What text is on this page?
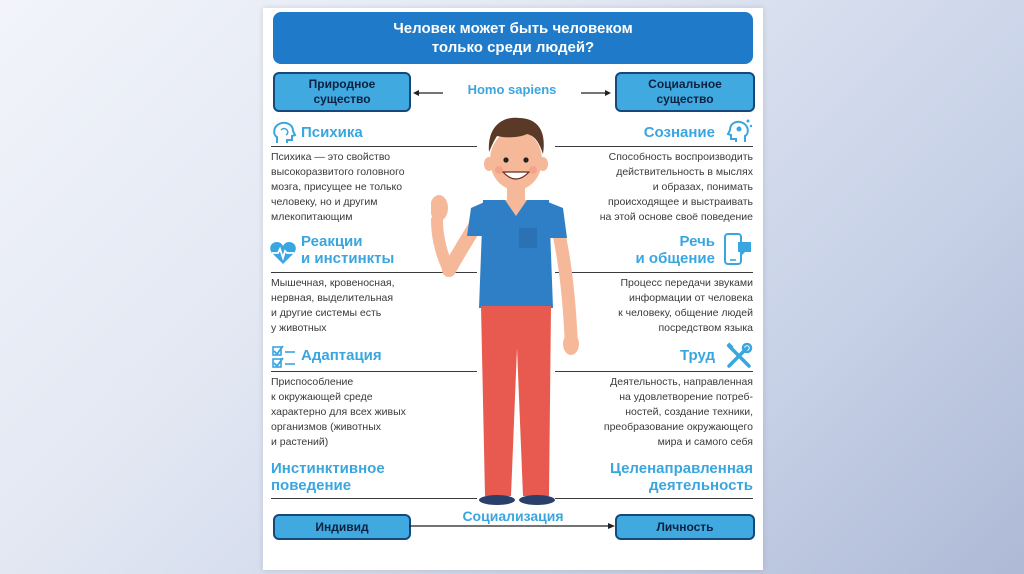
Человек может быть человеком
только среди людей?
Природное
существо
Homo sapiens	Социальное
существо
Психика
Психика — это свойство
высокоразвитого головного
мозга, присущее не только
человеку, но и другим
млекопитающим
Реакции
и инстинкты
Мышечная, кровеносная,
нервная, выделительная
и другие системы есть
у животных
Адаптация
Приспособление
к окружающей среде
характерно для всех живых
организмов (животных
и растений)
Инстинктивное
поведение
Сознание
Способность воспроизводить
действительность в мыслях
и образах, понимать
происходящее и выстраивать
на этой основе своё поведение
Речь
и общение
Процесс передачи звуками
информации от человека
к человеку, общение людей
посредством языка
Труд
Деятельность, направленная
на удовлетворение потреб-
ностей, создание техники,
преобразование окружающего
мира и самого себя
Целенаправленная
деятельность
Социализация
Индивид	Личность
